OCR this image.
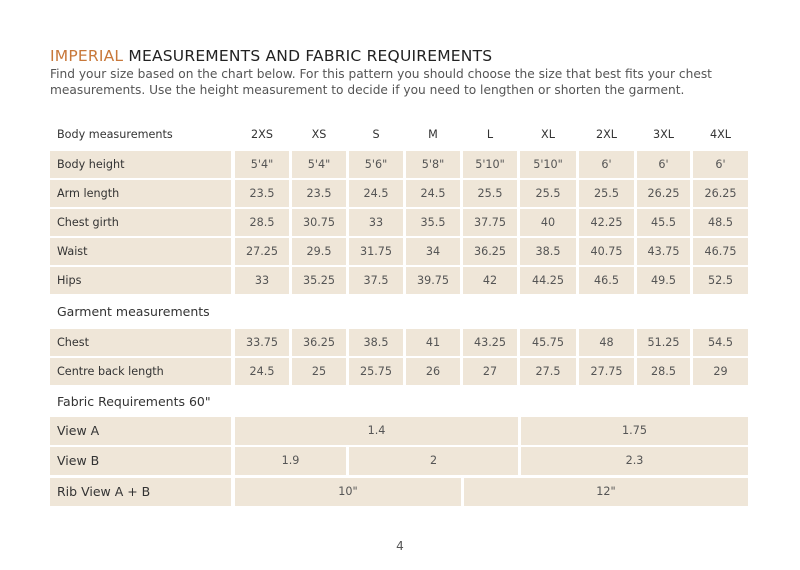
IMPERIAL MEASUREMENTS AND FABRIC REQUIREMENTS
Find your size based on the chart below. For this pattern you should choose the size that best fits your chest measurements. Use the height measurement to decide if you need to lengthen or shorten the garment.
Body measurements	2XS	XS	S	M	L	XL	2XL	3XL	4XL
Body height	5'4"	5'4"	5'6"	5'8"	5'10"	5'10"	6'	6'	6'
Arm length	23.5	23.5	24.5	24.5	25.5	25.5	25.5	26.25	26.25
Chest girth	28.5	30.75	33	35.5	37.75	40	42.25	45.5	48.5
Waist	27.25	29.5	31.75	34	36.25	38.5	40.75	43.75	46.75
Hips	33	35.25	37.5	39.75	42	44.25	46.5	49.5	52.5
Garment measurements
Chest	33.75	36.25	38.5	41	43.25	45.75	48	51.25	54.5
Centre back length	24.5	25	25.75	26	27	27.5	27.75	28.5	29
Fabric Requirements 60"
View A	1.4	1.75
View B	1.9	2	2.3
Rib View A + B	10"	12"
4
